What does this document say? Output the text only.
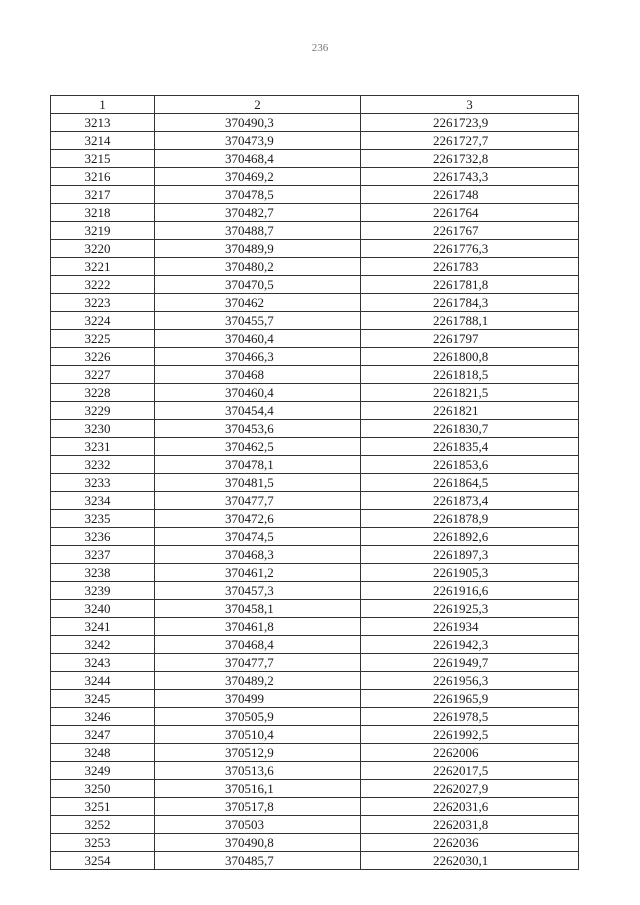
236
1	2	3
3213	370490,3	2261723,9
3214	370473,9	2261727,7
3215	370468,4	2261732,8
3216	370469,2	2261743,3
3217	370478,5	2261748
3218	370482,7	2261764
3219	370488,7	2261767
3220	370489,9	2261776,3
3221	370480,2	2261783
3222	370470,5	2261781,8
3223	370462	2261784,3
3224	370455,7	2261788,1
3225	370460,4	2261797
3226	370466,3	2261800,8
3227	370468	2261818,5
3228	370460,4	2261821,5
3229	370454,4	2261821
3230	370453,6	2261830,7
3231	370462,5	2261835,4
3232	370478,1	2261853,6
3233	370481,5	2261864,5
3234	370477,7	2261873,4
3235	370472,6	2261878,9
3236	370474,5	2261892,6
3237	370468,3	2261897,3
3238	370461,2	2261905,3
3239	370457,3	2261916,6
3240	370458,1	2261925,3
3241	370461,8	2261934
3242	370468,4	2261942,3
3243	370477,7	2261949,7
3244	370489,2	2261956,3
3245	370499	2261965,9
3246	370505,9	2261978,5
3247	370510,4	2261992,5
3248	370512,9	2262006
3249	370513,6	2262017,5
3250	370516,1	2262027,9
3251	370517,8	2262031,6
3252	370503	2262031,8
3253	370490,8	2262036
3254	370485,7	2262030,1
